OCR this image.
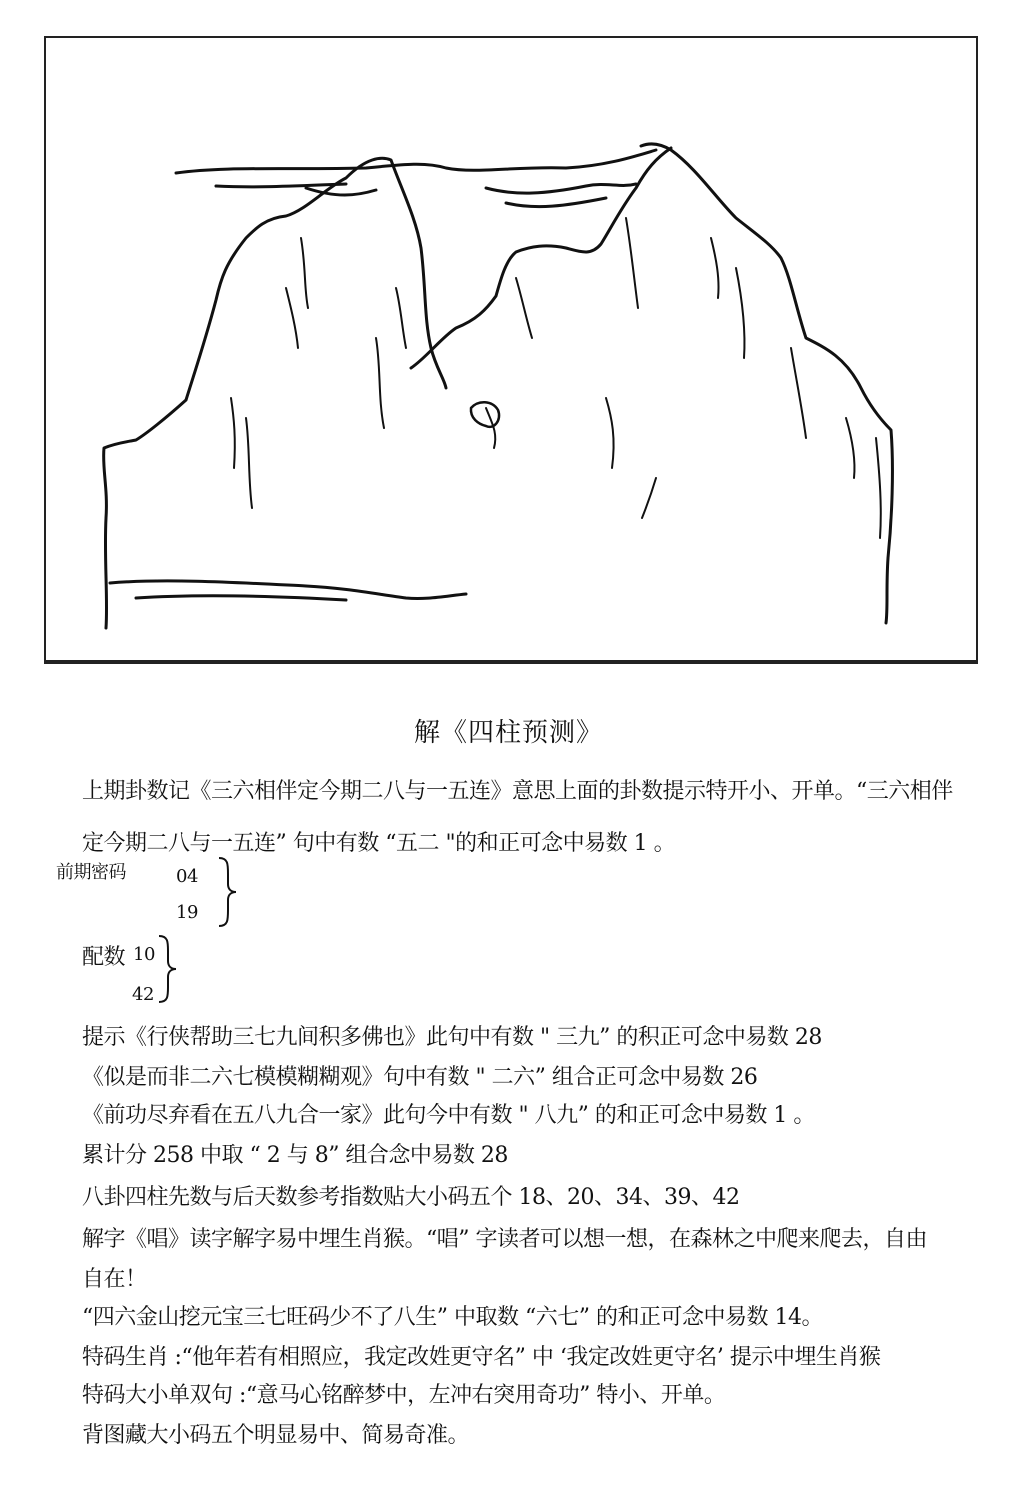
解《四柱预测》
上期卦数记《三六相伴定今期二八与一五连》意思上面的卦数提示特开小、开单。“三六相伴
定今期二八与一五连” 句中有数 “五二 "的和正可念中易数 1 。
前期密码	04
19
配数 10
42
提示《行侠帮助三七九间积多佛也》此句中有数 " 三九” 的积正可念中易数 28
《似是而非二六七模模糊糊观》句中有数 " 二六” 组合正可念中易数 26
《前功尽弃看在五八九合一家》此句今中有数 " 八九” 的和正可念中易数 1 。
累计分 258 中取 “ 2 与 8” 组合念中易数 28
八卦四柱先数与后天数参考指数贴大小码五个 18、20、34、39、42
解字《唱》读字解字易中埋生肖猴。“唱” 字读者可以想一想，在森林之中爬来爬去，自由
自在！
“四六金山挖元宝三七旺码少不了八生” 中取数 “六七” 的和正可念中易数 14。
特码生肖 :“他年若有相照应，我定改姓更守名” 中 ‘我定改姓更守名’ 提示中埋生肖猴
特码大小单双句 :“意马心铭醉梦中，左冲右突用奇功” 特小、开单。
背图藏大小码五个明显易中、简易奇准。
